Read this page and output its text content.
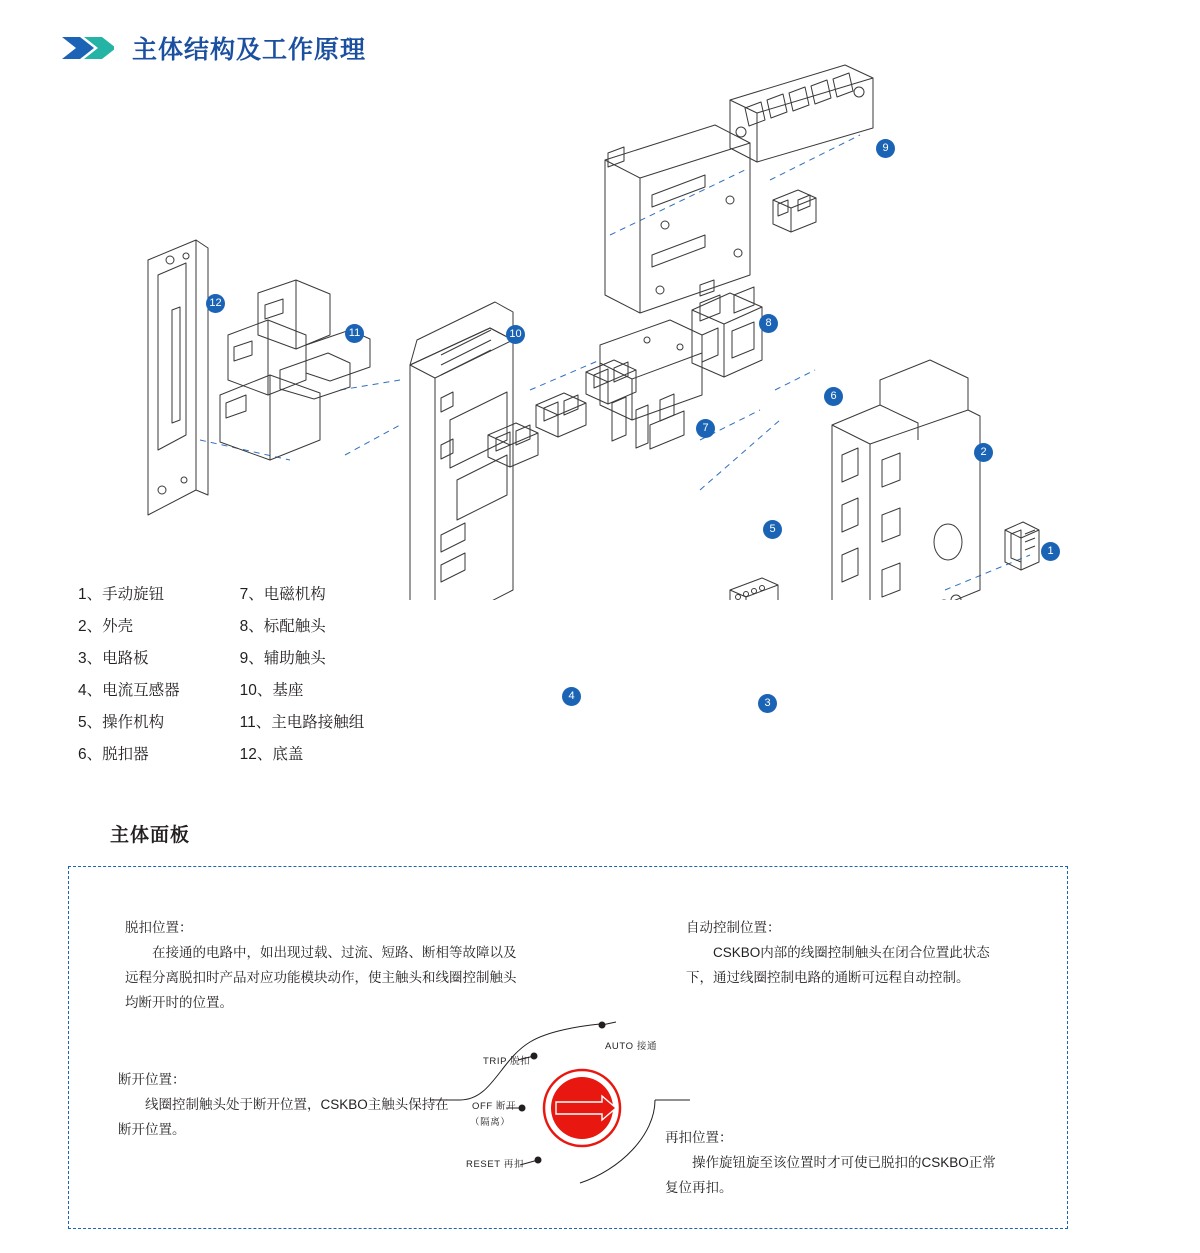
主体结构及工作原理
1
2
3
4
5
6
7
8
9
10
11
12
1、手动旋钮
2、外壳
3、电路板
4、电流互感器
5、操作机构
6、脱扣器
7、电磁机构
8、标配触头
9、辅助触头
10、基座
11、主电路接触组
12、底盖
主体面板
脱扣位置：
在接通的电路中，如出现过载、过流、短路、断相等故障以及远程分离脱扣时产品对应功能模块动作，使主触头和线圈控制触头均断开时的位置。
自动控制位置：
CSKBO内部的线圈控制触头在闭合位置此状态下，通过线圈控制电路的通断可远程自动控制。
断开位置：
线圈控制触头处于断开位置，CSKBO主触头保持在断开位置。
再扣位置：
操作旋钮旋至该位置时才可使已脱扣的CSKBO正常复位再扣。
AUTO 接通
TRIP 脱扣
OFF 断开
（隔离）
RESET 再扣
